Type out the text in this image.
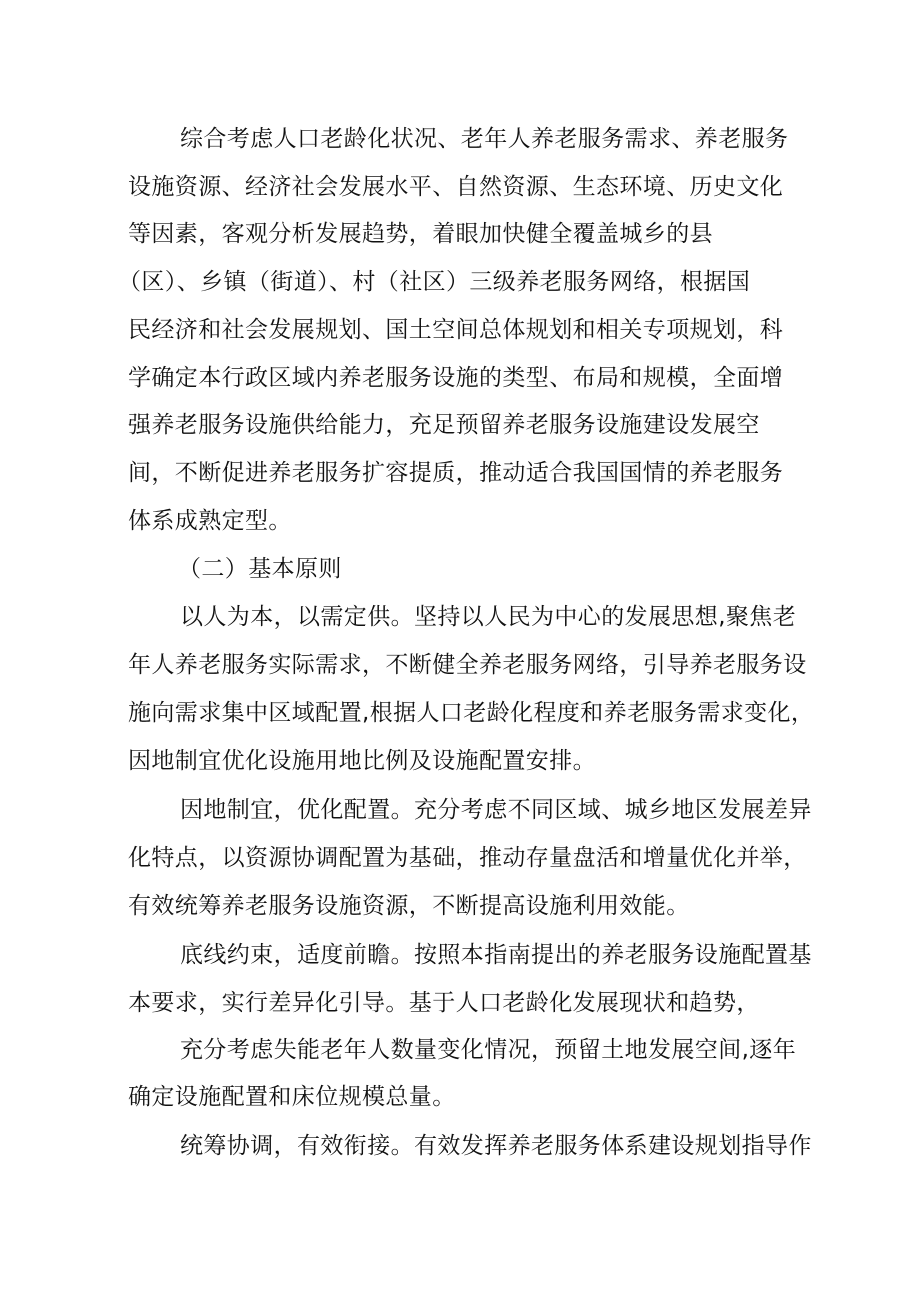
综合考虑人口老龄化状况、老年人养老服务需求、养老服务

设施资源、经济社会发展水平、自然资源、生态环境、历史文化

等因素，客观分析发展趋势，着眼加快健全覆盖城乡的县

（区）、乡镇（街道）、村（社区）三级养老服务网络，根据国

民经济和社会发展规划、国土空间总体规划和相关专项规划，科

学确定本行政区域内养老服务设施的类型、布局和规模，全面增

强养老服务设施供给能力，充足预留养老服务设施建设发展空

间，不断促进养老服务扩容提质，推动适合我国国情的养老服务

体系成熟定型。

（二）基本原则

以人为本，以需定供。坚持以人民为中心的发展思想,聚焦老

年人养老服务实际需求，不断健全养老服务网络，引导养老服务设

施向需求集中区域配置,根据人口老龄化程度和养老服务需求变化，

因地制宜优化设施用地比例及设施配置安排。

因地制宜，优化配置。充分考虑不同区域、城乡地区发展差异

化特点，以资源协调配置为基础，推动存量盘活和增量优化并举，

有效统筹养老服务设施资源，不断提高设施利用效能。

底线约束，适度前瞻。按照本指南提出的养老服务设施配置基

本要求，实行差异化引导。基于人口老龄化发展现状和趋势，

充分考虑失能老年人数量变化情况，预留土地发展空间,逐年

确定设施配置和床位规模总量。

统筹协调，有效衔接。有效发挥养老服务体系建设规划指导作
